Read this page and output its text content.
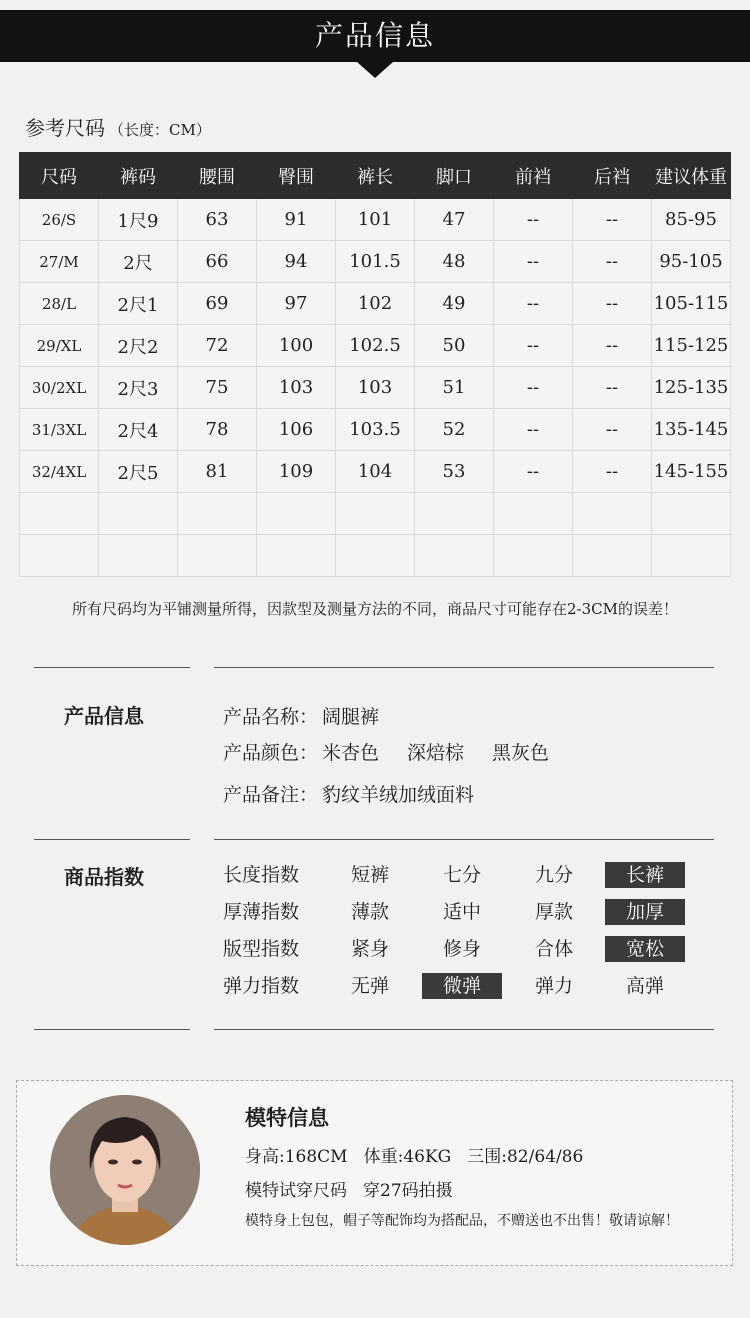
产品信息
参考尺码 （长度：CM）
尺码	裤码	腰围	臀围	裤长	脚口	前裆	后裆	建议体重
26/S	1尺9	63	91	101	47	--	--	85-95
27/M	2尺	66	94	101.5	48	--	--	95-105
28/L	2尺1	69	97	102	49	--	--	105-115
29/XL	2尺2	72	100	102.5	50	--	--	115-125
30/2XL	2尺3	75	103	103	51	--	--	125-135
31/3XL	2尺4	78	106	103.5	52	--	--	135-145
32/4XL	2尺5	81	109	104	53	--	--	145-155

所有尺码均为平铺测量所得，因款型及测量方法的不同，商品尺寸可能存在2-3CM的误差！
产品信息	产品名称： 阔腿裤
产品颜色： 米杏色 深焙棕 黑灰色
产品备注： 豹纹羊绒加绒面料
商品指数	长度指数	短裤	七分	九分	长裤
厚薄指数	薄款	适中	厚款	加厚
版型指数	紧身	修身	合体	宽松
弹力指数	无弹	微弹	弹力	高弹
模特信息
身高:168CM 体重:46KG 三围:82/64/86
模特试穿尺码 穿27码拍摄
模特身上包包，帽子等配饰均为搭配品，不赠送也不出售！敬请谅解！
